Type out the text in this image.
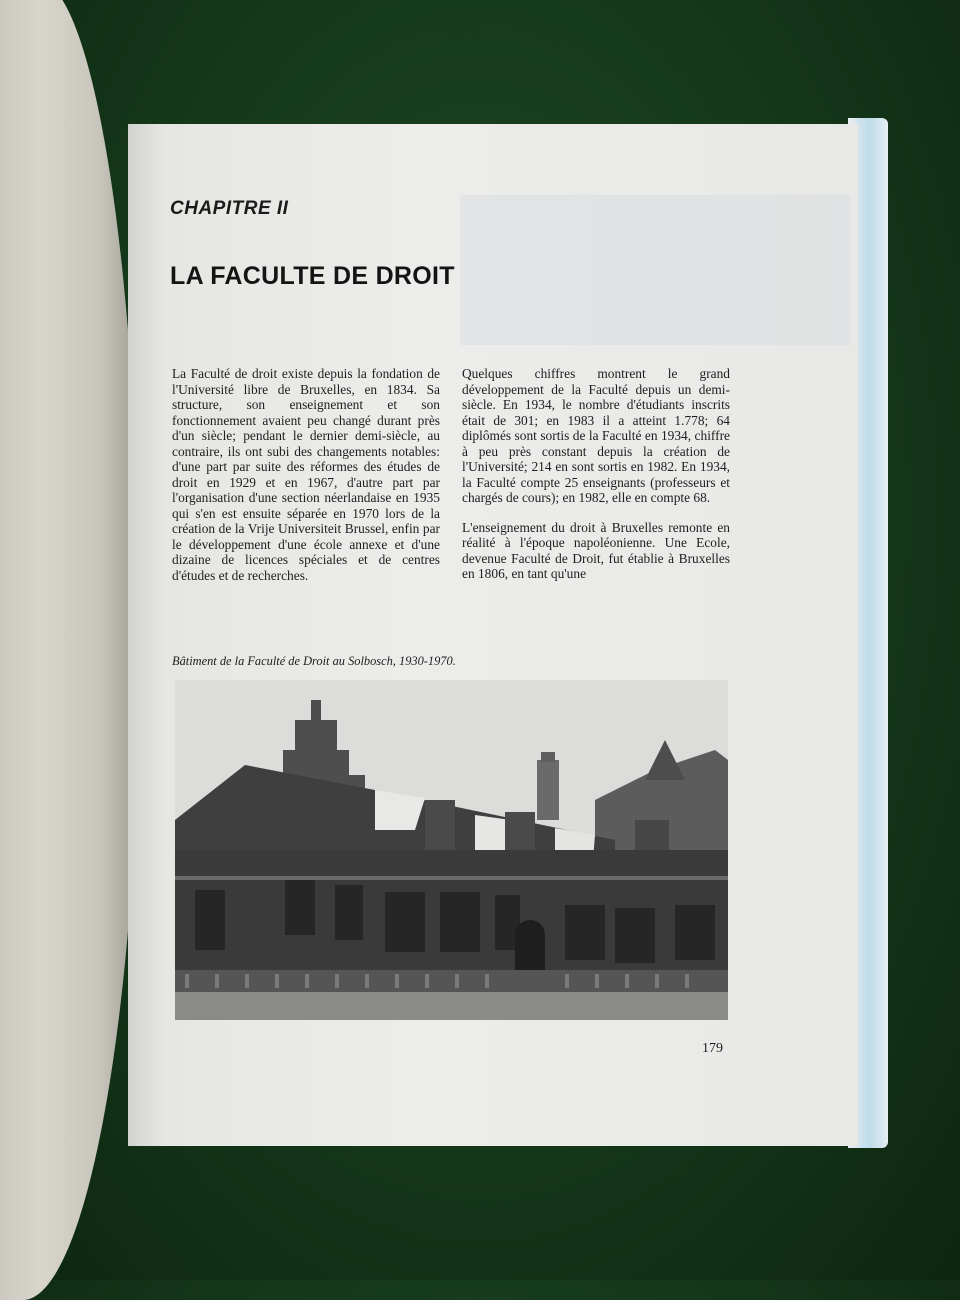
CHAPITRE II
LA FACULTE DE DROIT

La Faculté de droit existe depuis la fondation de l'Université libre de Bruxelles, en 1834. Sa structure, son enseignement et son fonctionnement avaient peu changé durant près d'un siècle; pendant le dernier demi-siècle, au contraire, ils ont subi des changements notables: d'une part par suite des réformes des études de droit en 1929 et en 1967, d'autre part par l'organisation d'une section néerlandaise en 1935 qui s'en est ensuite séparée en 1970 lors de la création de la Vrije Universiteit Brussel, enfin par le développement d'une école annexe et d'une dizaine de licences spéciales et de centres d'études et de recherches.

Quelques chiffres montrent le grand développement de la Faculté depuis un demi-siècle. En 1934, le nombre d'étudiants inscrits était de 301; en 1983 il a atteint 1.778; 64 diplômés sont sortis de la Faculté en 1934, chiffre à peu près constant depuis la création de l'Université; 214 en sont sortis en 1982. En 1934, la Faculté compte 25 enseignants (professeurs et chargés de cours); en 1982, elle en compte 68.

L'enseignement du droit à Bruxelles remonte en réalité à l'époque napoléonienne. Une Ecole, devenue Faculté de Droit, fut établie à Bruxelles en 1806, en tant qu'une

Bâtiment de la Faculté de Droit au Solbosch, 1930-1970.

179
